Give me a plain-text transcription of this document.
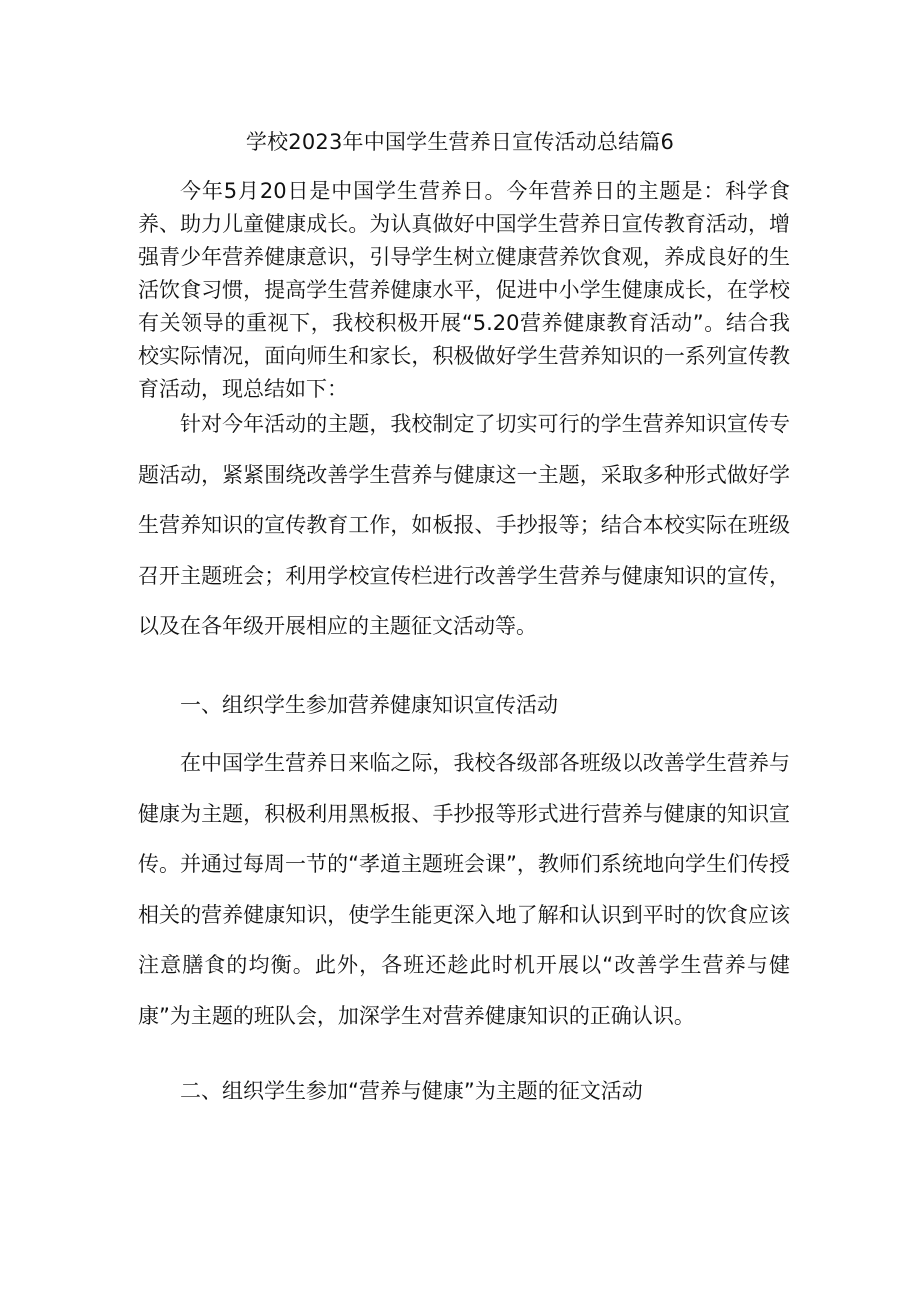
学校2023年中国学生营养日宣传活动总结篇6

今年5月20日是中国学生营养日。今年营养日的主题是：科学食养、助力儿童健康成长。为认真做好中国学生营养日宣传教育活动，增强青少年营养健康意识，引导学生树立健康营养饮食观，养成良好的生活饮食习惯，提高学生营养健康水平，促进中小学生健康成长，在学校有关领导的重视下，我校积极开展“5.20营养健康教育活动”。结合我校实际情况，面向师生和家长，积极做好学生营养知识的一系列宣传教育活动，现总结如下：

针对今年活动的主题，我校制定了切实可行的学生营养知识宣传专题活动，紧紧围绕改善学生营养与健康这一主题，采取多种形式做好学生营养知识的宣传教育工作，如板报、手抄报等；结合本校实际在班级召开主题班会；利用学校宣传栏进行改善学生营养与健康知识的宣传，以及在各年级开展相应的主题征文活动等。

一、组织学生参加营养健康知识宣传活动

在中国学生营养日来临之际，我校各级部各班级以改善学生营养与健康为主题，积极利用黑板报、手抄报等形式进行营养与健康的知识宣传。并通过每周一节的“孝道主题班会课”，教师们系统地向学生们传授相关的营养健康知识，使学生能更深入地了解和认识到平时的饮食应该注意膳食的均衡。此外，各班还趁此时机开展以“改善学生营养与健康”为主题的班队会，加深学生对营养健康知识的正确认识。

二、组织学生参加“营养与健康”为主题的征文活动
